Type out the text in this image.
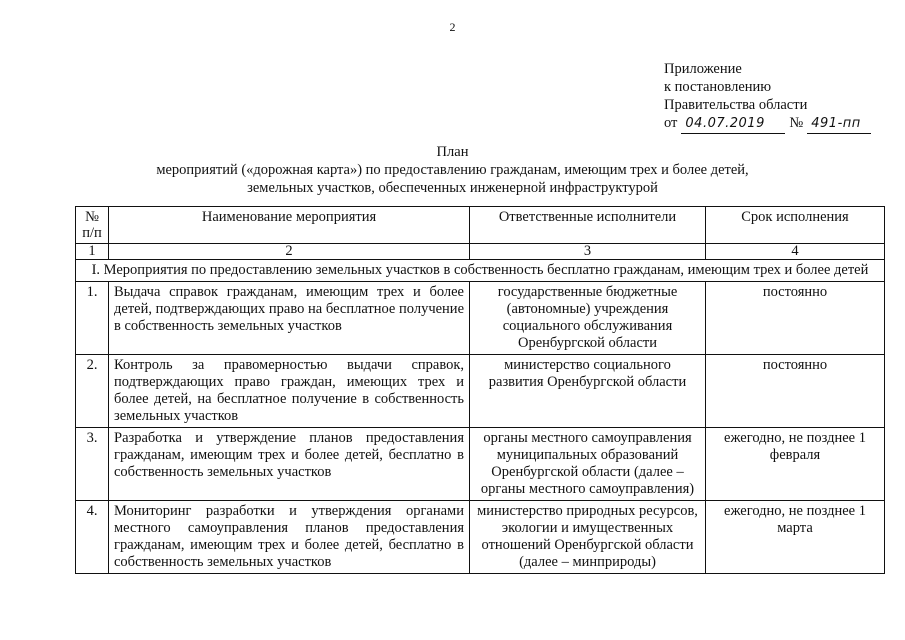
2
Приложение
к постановлению
Правительства области
от 04.07.2019 № 491-пп
План
мероприятий («дорожная карта») по предоставлению гражданам, имеющим трех и более детей,
земельных участков, обеспеченных инженерной инфраструктурой
№
п/п	Наименование мероприятия	Ответственные исполнители	Срок исполнения
1	2	3	4
I. Мероприятия по предоставлению земельных участков в собственность бесплатно гражданам, имеющим трех и более детей			
1.	Выдача справок гражданам, имеющим трех и более детей, подтверждающих право на бесплатное получение в собственность земельных участков	государственные бюджетные (автономные) учреждения социального обслуживания Оренбургской области	постоянно
2.	Контроль за правомерностью выдачи справок, подтверждающих право граждан, имеющих трех и более детей, на бесплатное получение в собственность земельных участков	министерство социального развития Оренбургской области	постоянно
3.	Разработка и утверждение планов предоставления гражданам, имеющим трех и более детей, бесплатно в собственность земельных участков	органы местного самоуправления муниципальных образований Оренбургской области (далее – органы местного самоуправления)	ежегодно, не позднее 1 февраля
4.	Мониторинг разработки и утверждения органами местного самоуправления планов предоставления гражданам, имеющим трех и более детей, бесплатно в собственность земельных участков	министерство природных ресурсов, экологии и имущественных отношений Оренбургской области (далее – минприроды)	ежегодно, не позднее 1 марта
